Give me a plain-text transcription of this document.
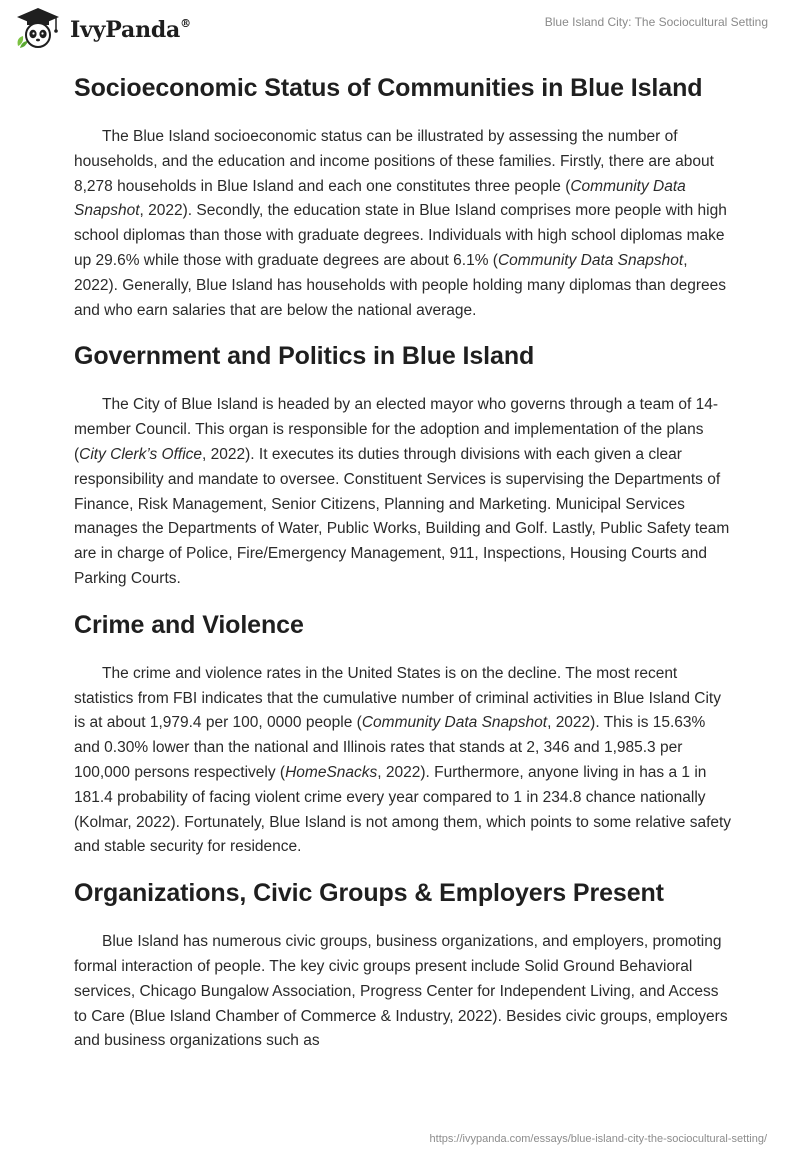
IvyPanda®	Blue Island City: The Sociocultural Setting
Socioeconomic Status of Communities in Blue Island

The Blue Island socioeconomic status can be illustrated by assessing the number of households, and the education and income positions of these families. Firstly, there are about 8,278 households in Blue Island and each one constitutes three people (Community Data Snapshot, 2022). Secondly, the education state in Blue Island comprises more people with high school diplomas than those with graduate degrees. Individuals with high school diplomas make up 29.6% while those with graduate degrees are about 6.1% (Community Data Snapshot, 2022). Generally, Blue Island has households with people holding many diplomas than degrees and who earn salaries that are below the national average.

Government and Politics in Blue Island

The City of Blue Island is headed by an elected mayor who governs through a team of 14-member Council. This organ is responsible for the adoption and implementation of the plans (City Clerk’s Office, 2022). It executes its duties through divisions with each given a clear responsibility and mandate to oversee. Constituent Services is supervising the Departments of Finance, Risk Management, Senior Citizens, Planning and Marketing. Municipal Services manages the Departments of Water, Public Works, Building and Golf. Lastly, Public Safety team are in charge of Police, Fire/Emergency Management, 911, Inspections, Housing Courts and Parking Courts.

Crime and Violence

The crime and violence rates in the United States is on the decline. The most recent statistics from FBI indicates that the cumulative number of criminal activities in Blue Island City is at about 1,979.4 per 100, 0000 people (Community Data Snapshot, 2022). This is 15.63% and 0.30% lower than the national and Illinois rates that stands at 2, 346 and 1,985.3 per 100,000 persons respectively (HomeSnacks, 2022). Furthermore, anyone living in has a 1 in 181.4 probability of facing violent crime every year compared to 1 in 234.8 chance nationally (Kolmar, 2022). Fortunately, Blue Island is not among them, which points to some relative safety and stable security for residence.

Organizations, Civic Groups & Employers Present

Blue Island has numerous civic groups, business organizations, and employers, promoting formal interaction of people. The key civic groups present include Solid Ground Behavioral services, Chicago Bungalow Association, Progress Center for Independent Living, and Access to Care (Blue Island Chamber of Commerce & Industry, 2022). Besides civic groups, employers and business organizations such as

https://ivypanda.com/essays/blue-island-city-the-sociocultural-setting/
